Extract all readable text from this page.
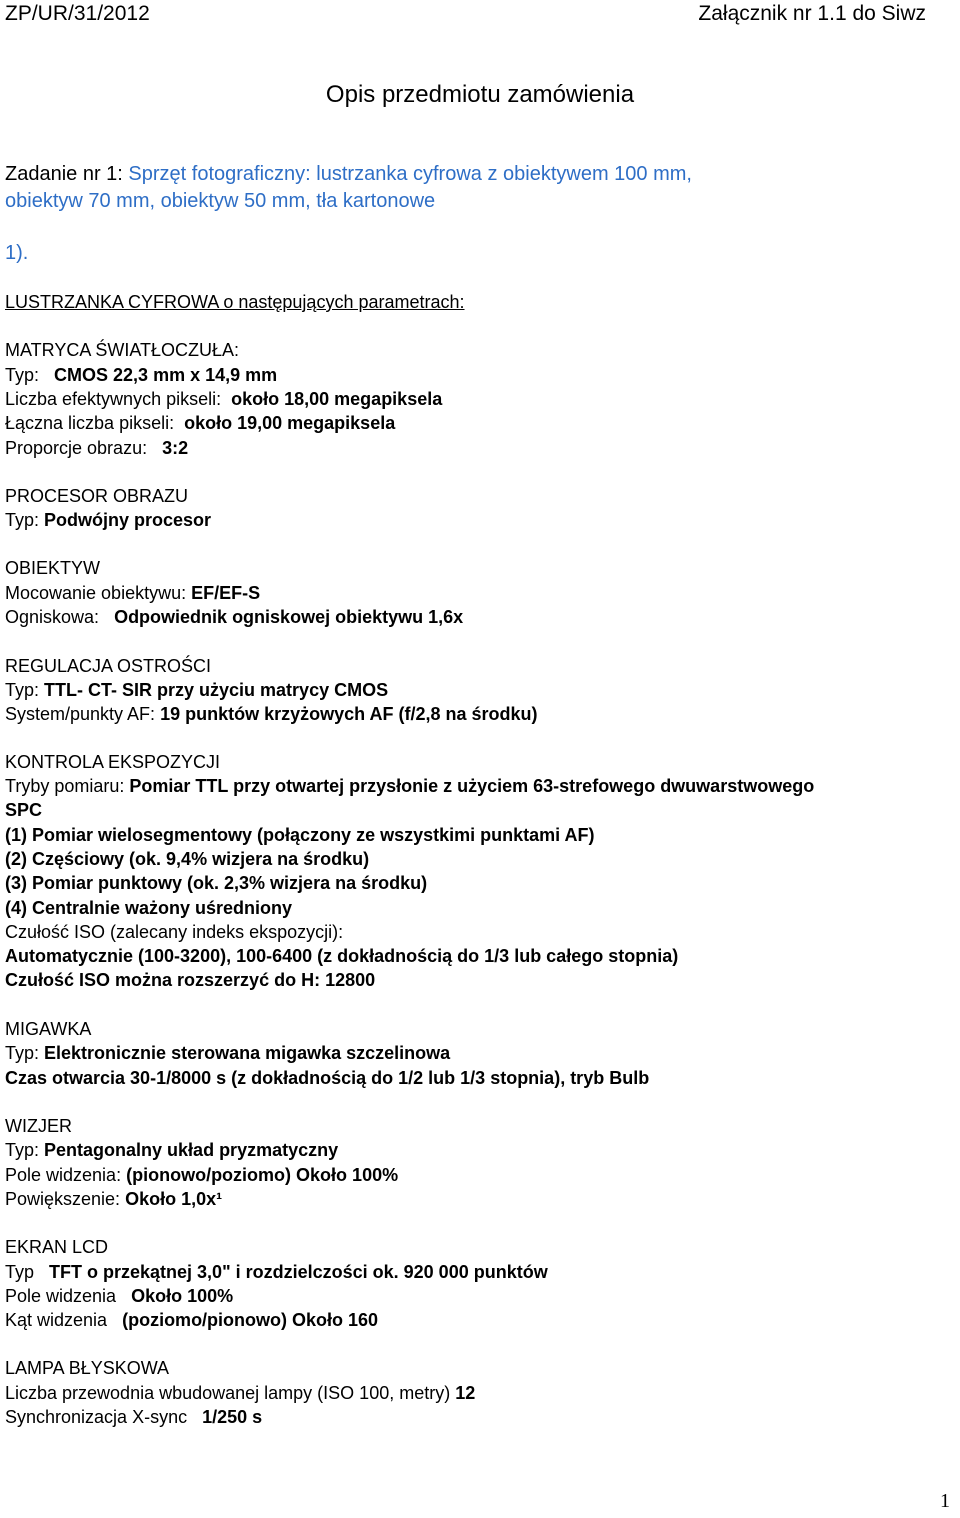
ZP/UR/31/2012	Załącznik nr 1.1 do Siwz
Opis przedmiotu zamówienia
Zadanie nr 1: Sprzęt fotograficzny: lustrzanka cyfrowa z obiektywem 100 mm,
obiektyw 70 mm, obiektyw 50 mm, tła kartonowe
1).
LUSTRZANKA CYFROWA o następujących parametrach:
MATRYCA ŚWIATŁOCZUŁA:
Typ: CMOS 22,3 mm x 14,9 mm
Liczba efektywnych pikseli: około 18,00 megapiksela
Łączna liczba pikseli: około 19,00 megapiksela
Proporcje obrazu: 3:2
PROCESOR OBRAZU
Typ: Podwójny procesor
OBIEKTYW
Mocowanie obiektywu: EF/EF-S
Ogniskowa: Odpowiednik ogniskowej obiektywu 1,6x
REGULACJA OSTROŚCI
Typ: TTL- CT- SIR przy użyciu matrycy CMOS
System/punkty AF: 19 punktów krzyżowych AF (f/2,8 na środku)
KONTROLA EKSPOZYCJI
Tryby pomiaru: Pomiar TTL przy otwartej przysłonie z użyciem 63-strefowego dwuwarstwowego
SPC
(1) Pomiar wielosegmentowy (połączony ze wszystkimi punktami AF)
(2) Częściowy (ok. 9,4% wizjera na środku)
(3) Pomiar punktowy (ok. 2,3% wizjera na środku)
(4) Centralnie ważony uśredniony
Czułość ISO (zalecany indeks ekspozycji):
Automatycznie (100-3200), 100-6400 (z dokładnością do 1/3 lub całego stopnia)
Czułość ISO można rozszerzyć do H: 12800
MIGAWKA
Typ: Elektronicznie sterowana migawka szczelinowa
Czas otwarcia 30-1/8000 s (z dokładnością do 1/2 lub 1/3 stopnia), tryb Bulb
WIZJER
Typ: Pentagonalny układ pryzmatyczny
Pole widzenia: (pionowo/poziomo) Około 100%
Powiększenie: Około 1,0x¹
EKRAN LCD
Typ TFT o przekątnej 3,0" i rozdzielczości ok. 920 000 punktów
Pole widzenia Około 100%
Kąt widzenia (poziomo/pionowo) Około 160
LAMPA BŁYSKOWA
Liczba przewodnia wbudowanej lampy (ISO 100, metry) 12
Synchronizacja X-sync 1/250 s
1
